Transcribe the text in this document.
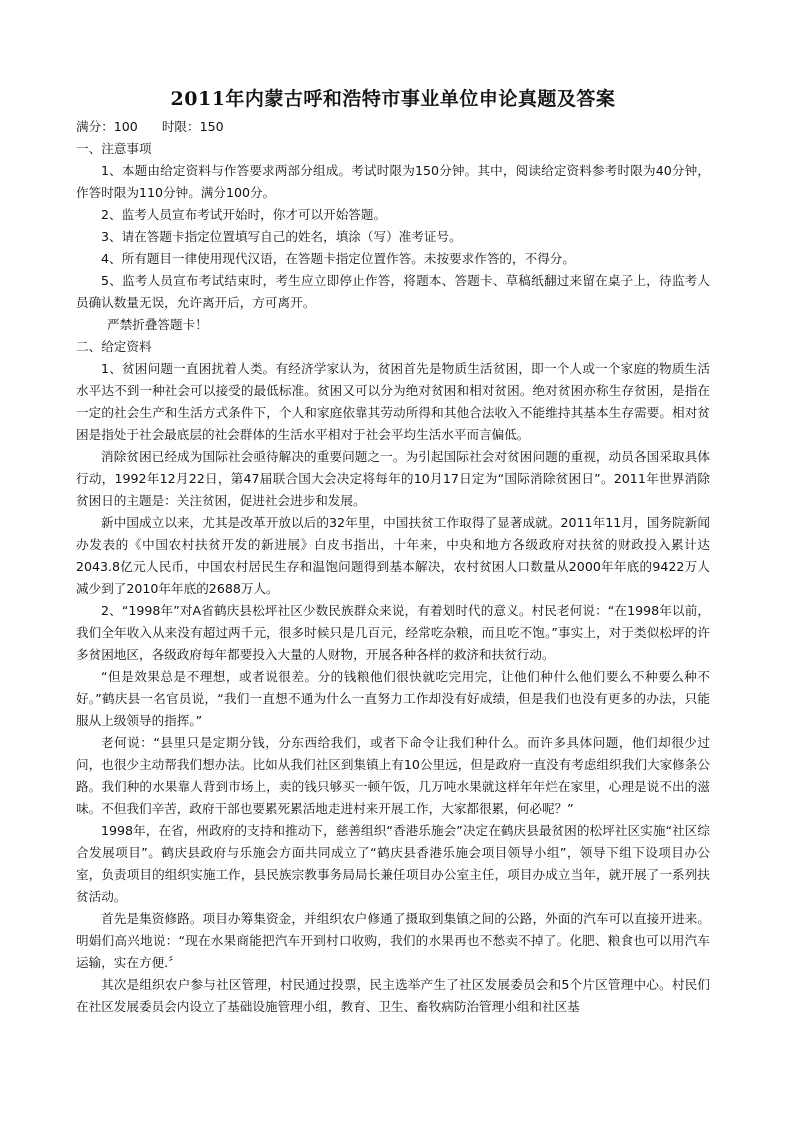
2011年内蒙古呼和浩特市事业单位申论真题及答案

满分：100      时限：150

一、注意事项

1、本题由给定资料与作答要求两部分组成。考试时限为150分钟。其中，阅读给定资料参考时限为40分钟，作答时限为110分钟。满分100分。

2、监考人员宣布考试开始时，你才可以开始答题。

3、请在答题卡指定位置填写自己的姓名，填涂（写）准考证号。

4、所有题目一律使用现代汉语，在答题卡指定位置作答。未按要求作答的，不得分。

5、监考人员宣布考试结束时，考生应立即停止作答，将题本、答题卡、草稿纸翻过来留在桌子上，待监考人员确认数量无误，允许离开后，方可离开。

严禁折叠答题卡！

二、给定资料

1、贫困问题一直困扰着人类。有经济学家认为，贫困首先是物质生活贫困，即一个人或一个家庭的物质生活水平达不到一种社会可以接受的最低标准。贫困又可以分为绝对贫困和相对贫困。绝对贫困亦称生存贫困，是指在一定的社会生产和生活方式条件下，个人和家庭依靠其劳动所得和其他合法收入不能维持其基本生存需要。相对贫困是指处于社会最底层的社会群体的生活水平相对于社会平均生活水平而言偏低。

消除贫困已经成为国际社会亟待解决的重要问题之一。为引起国际社会对贫困问题的重视，动员各国采取具体行动，1992年12月22日，第47届联合国大会决定将每年的10月17日定为“国际消除贫困日”。2011年世界消除贫困日的主题是：关注贫困，促进社会进步和发展。

新中国成立以来，尤其是改革开放以后的32年里，中国扶贫工作取得了显著成就。2011年11月，国务院新闻办发表的《中国农村扶贫开发的新进展》白皮书指出，十年来，中央和地方各级政府对扶贫的财政投入累计达2043.8亿元人民币，中国农村居民生存和温饱问题得到基本解决，农村贫困人口数量从2000年年底的9422万人减少到了2010年年底的2688万人。

2、“1998年”对A省鹤庆县松坪社区少数民族群众来说，有着划时代的意义。村民老何说：“在1998年以前，我们全年收入从来没有超过两千元，很多时候只是几百元，经常吃杂粮，而且吃不饱。”事实上，对于类似松坪的许多贫困地区，各级政府每年都要投入大量的人财物，开展各种各样的救济和扶贫行动。

“但是效果总是不理想，或者说很差。分的钱粮他们很快就吃完用完，让他们种什么他们要么不种要么种不好。”鹤庆县一名官员说，“我们一直想不通为什么一直努力工作却没有好成绩，但是我们也没有更多的办法，只能服从上级领导的指挥。”

老何说：“县里只是定期分钱，分东西给我们，或者下命令让我们种什么。而许多具体问题，他们却很少过问，也很少主动帮我们想办法。比如从我们社区到集镇上有10公里远，但是政府一直没有考虑组织我们大家修条公路。我们种的水果靠人背到市场上，卖的钱只够买一顿午饭，几万吨水果就这样年年烂在家里，心理是说不出的滋味。不但我们辛苦，政府干部也要累死累活地走进村来开展工作，大家都很累，何必呢？”

1998年，在省，州政府的支持和推动下，慈善组织“香港乐施会”决定在鹤庆县最贫困的松坪社区实施“社区综合发展项目”。鹤庆县政府与乐施会方面共同成立了“鹤庆县香港乐施会项目领导小组”，领导下组下设项目办公室，负责项目的组织实施工作，县民族宗教事务局局长兼任项目办公室主任，项目办成立当年，就开展了一系列扶贫活动。

首先是集资修路。项目办筹集资金，并组织农户修通了摄取到集镇之间的公路，外面的汽车可以直接开进来。明娟们高兴地说：“现在水果商能把汽车开到村口收购，我们的水果再也不愁卖不掉了。化肥、粮食也可以用汽车运输，实在方便.〞

其次是组织农户参与社区管理，村民通过投票，民主选举产生了社区发展委员会和5个片区管理中心。村民们在社区发展委员会内设立了基础设施管理小组，教育、卫生、畜牧病防治管理小组和社区基
